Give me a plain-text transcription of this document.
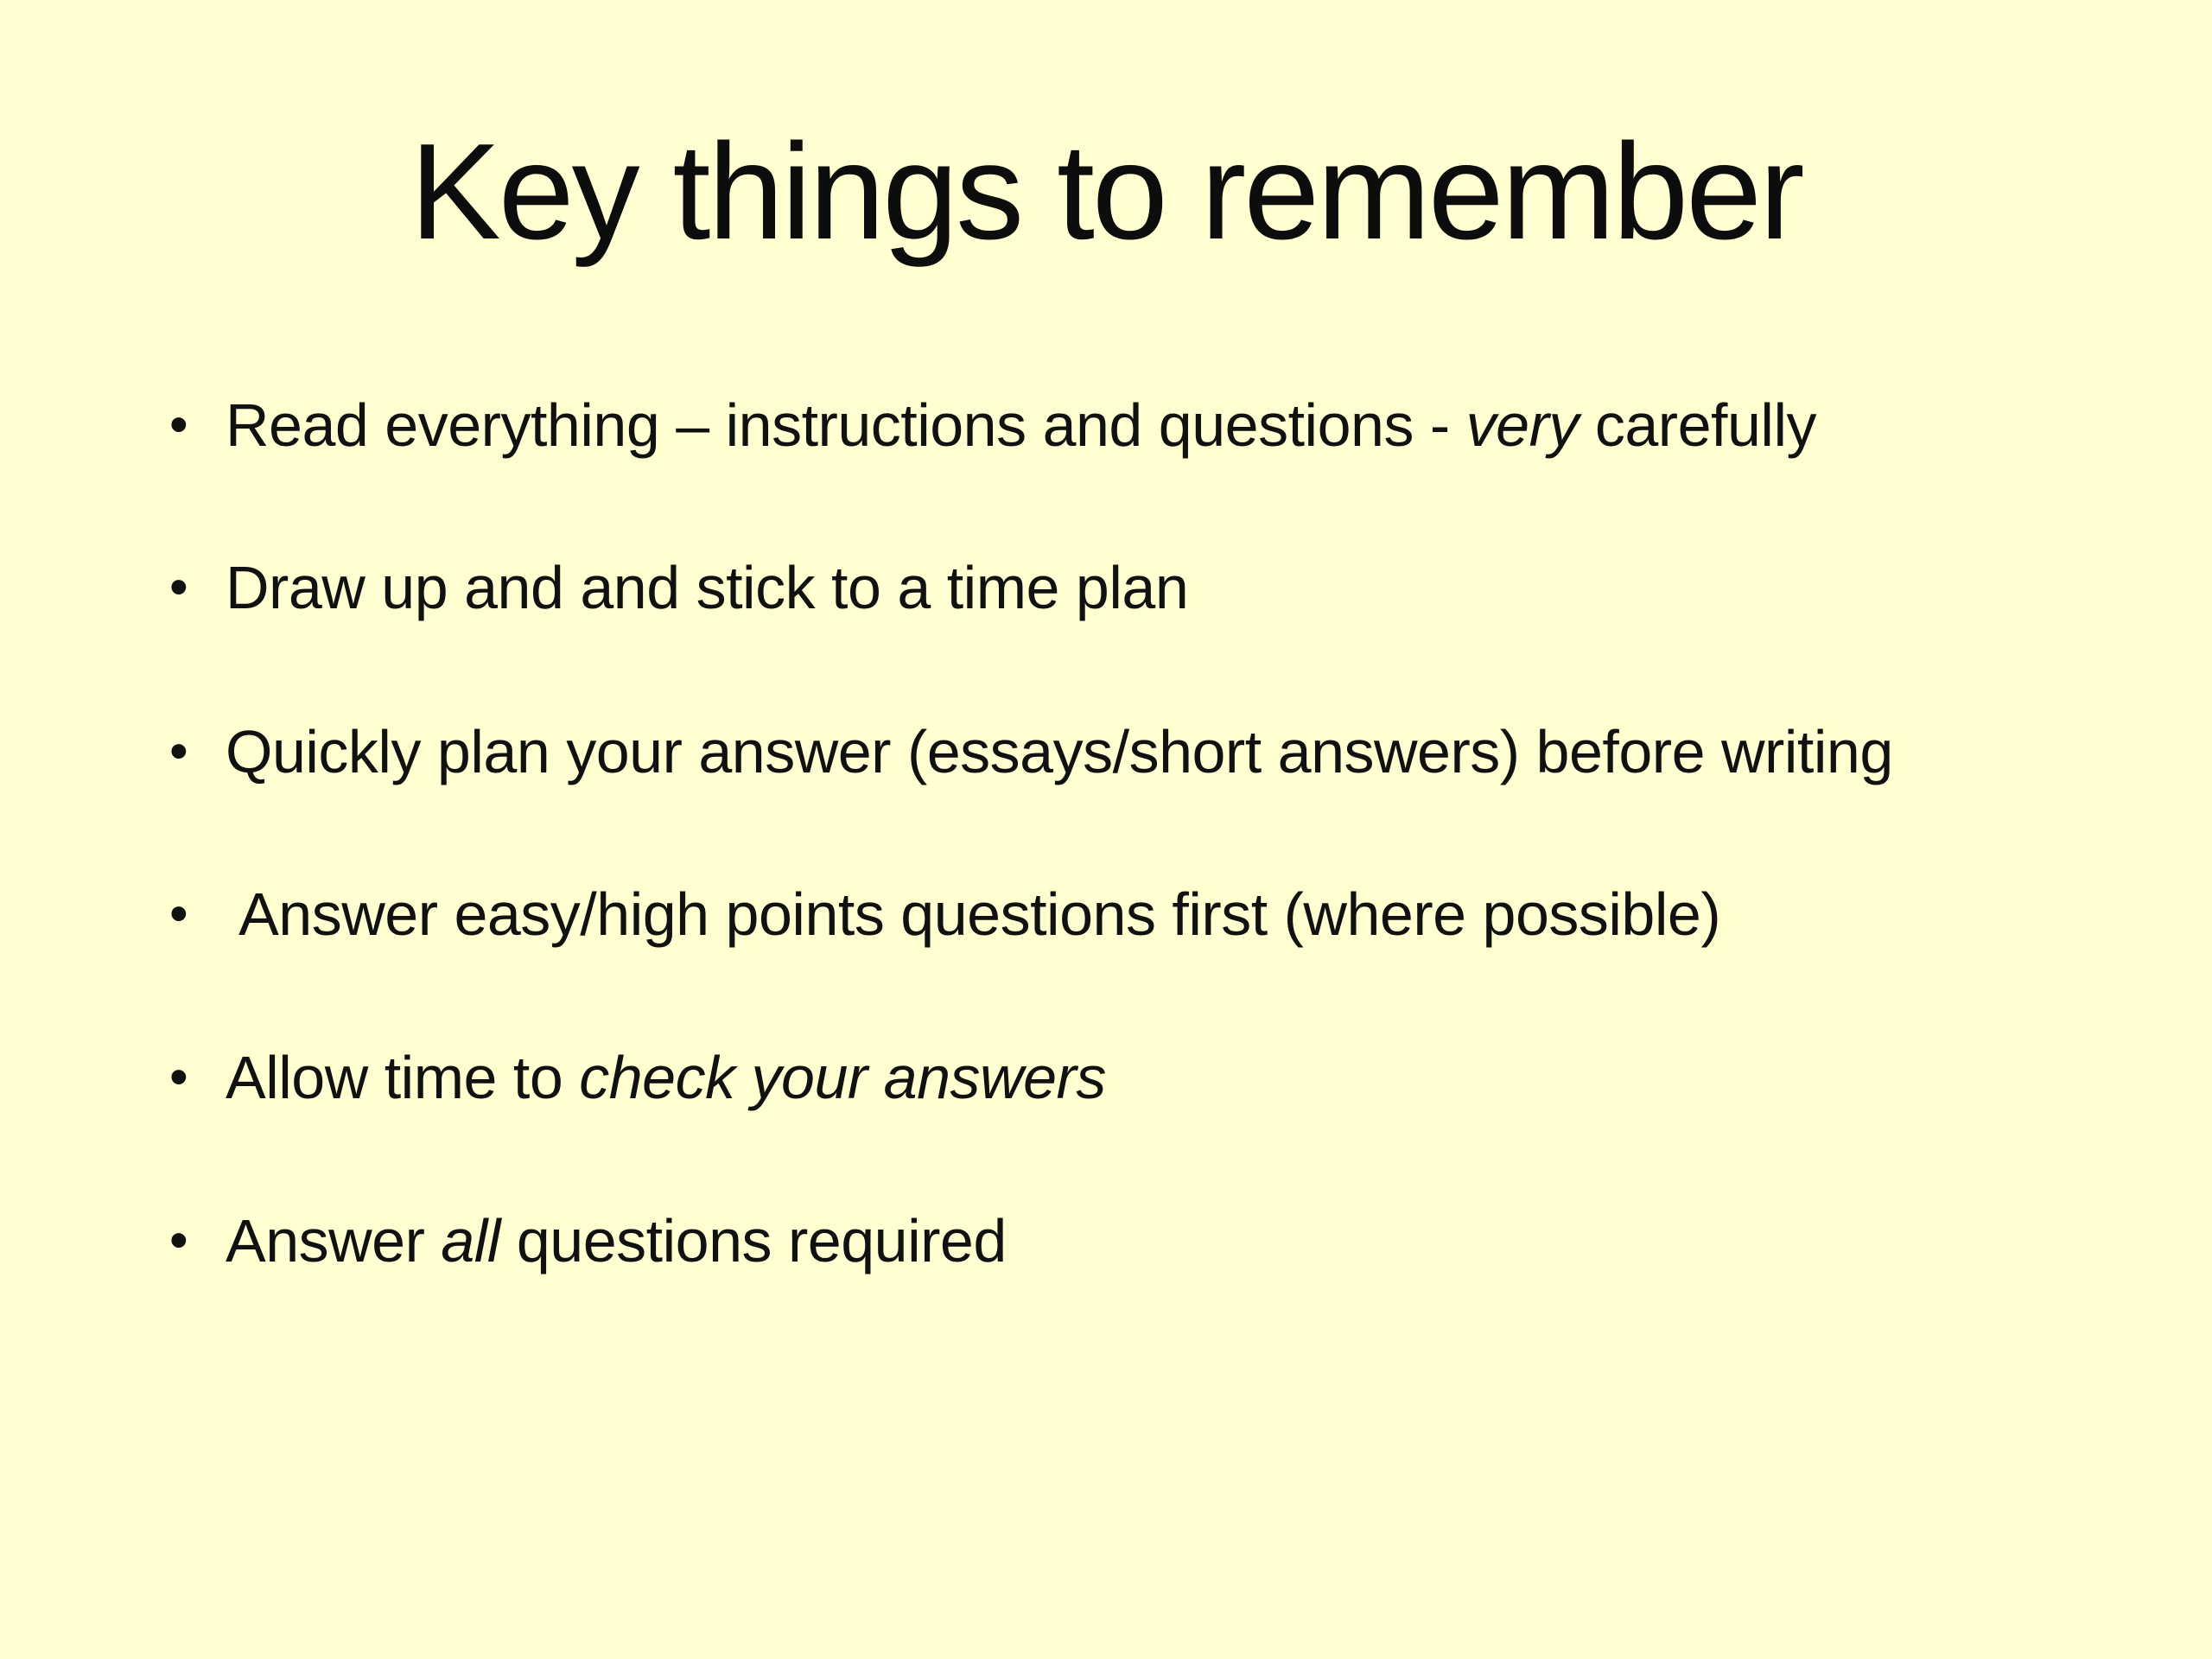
Key things to remember
• Read everything – instructions and questions - very carefully
• Draw up and and stick to a time plan
• Quickly plan your answer (essays/short answers) before writing
• Answer easy/high points questions first (where possible)
• Allow time to check your answers
• Answer all questions required
